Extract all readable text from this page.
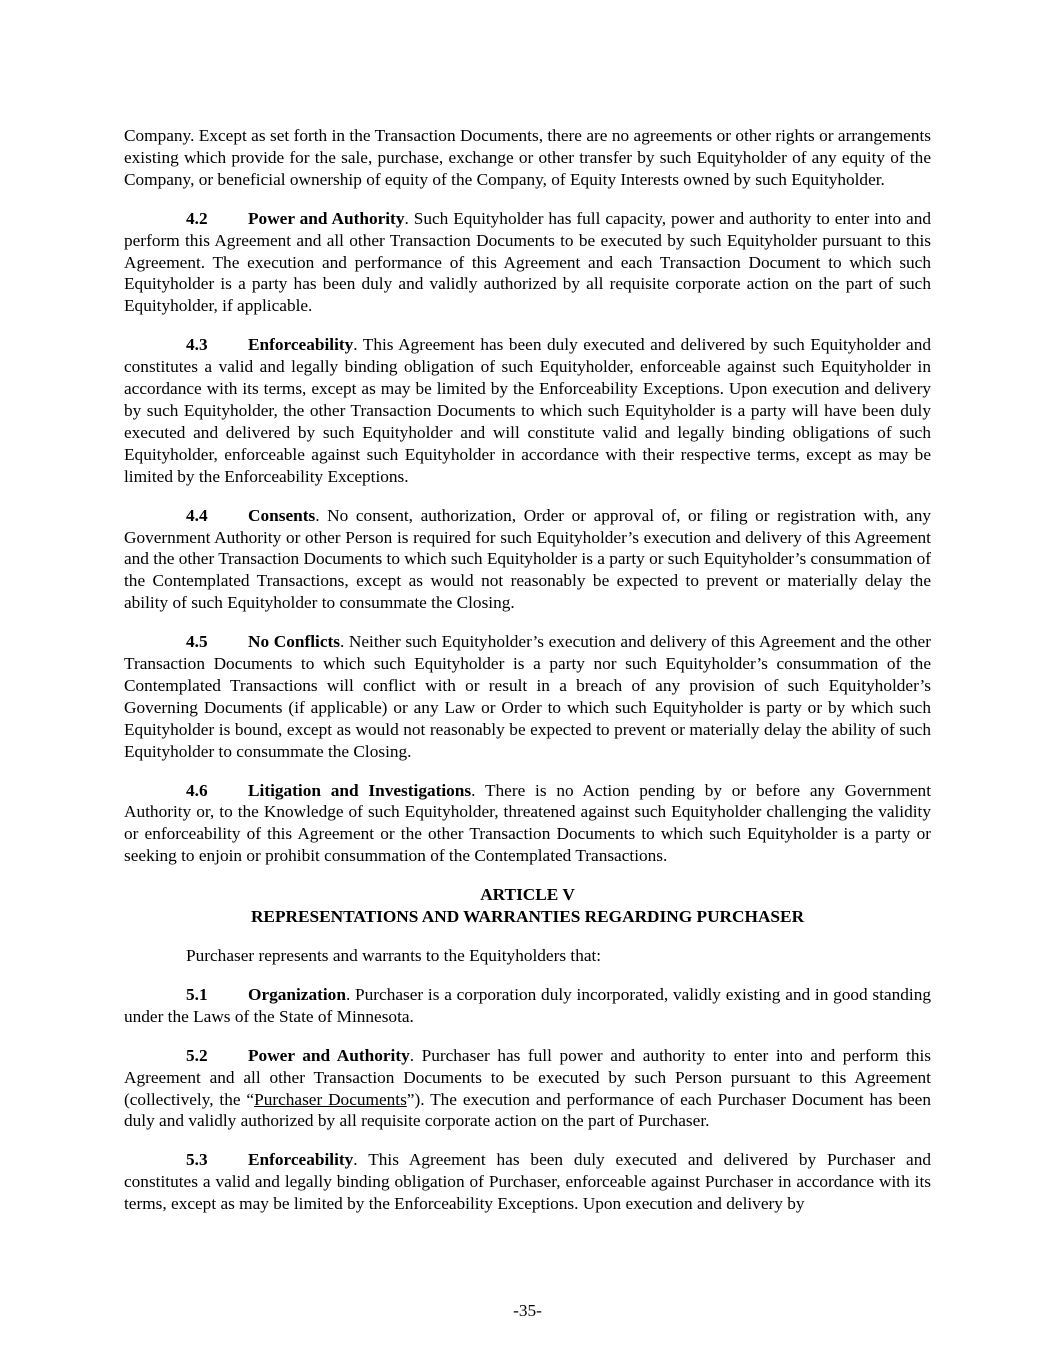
Company. Except as set forth in the Transaction Documents, there are no agreements or other rights or arrangements existing which provide for the sale, purchase, exchange or other transfer by such Equityholder of any equity of the Company, or beneficial ownership of equity of the Company, of Equity Interests owned by such Equityholder.

4.2 Power and Authority. Such Equityholder has full capacity, power and authority to enter into and perform this Agreement and all other Transaction Documents to be executed by such Equityholder pursuant to this Agreement. The execution and performance of this Agreement and each Transaction Document to which such Equityholder is a party has been duly and validly authorized by all requisite corporate action on the part of such Equityholder, if applicable.

4.3 Enforceability. This Agreement has been duly executed and delivered by such Equityholder and constitutes a valid and legally binding obligation of such Equityholder, enforceable against such Equityholder in accordance with its terms, except as may be limited by the Enforceability Exceptions. Upon execution and delivery by such Equityholder, the other Transaction Documents to which such Equityholder is a party will have been duly executed and delivered by such Equityholder and will constitute valid and legally binding obligations of such Equityholder, enforceable against such Equityholder in accordance with their respective terms, except as may be limited by the Enforceability Exceptions.

4.4 Consents. No consent, authorization, Order or approval of, or filing or registration with, any Government Authority or other Person is required for such Equityholder’s execution and delivery of this Agreement and the other Transaction Documents to which such Equityholder is a party or such Equityholder’s consummation of the Contemplated Transactions, except as would not reasonably be expected to prevent or materially delay the ability of such Equityholder to consummate the Closing.

4.5 No Conflicts. Neither such Equityholder’s execution and delivery of this Agreement and the other Transaction Documents to which such Equityholder is a party nor such Equityholder’s consummation of the Contemplated Transactions will conflict with or result in a breach of any provision of such Equityholder’s Governing Documents (if applicable) or any Law or Order to which such Equityholder is party or by which such Equityholder is bound, except as would not reasonably be expected to prevent or materially delay the ability of such Equityholder to consummate the Closing.

4.6 Litigation and Investigations. There is no Action pending by or before any Government Authority or, to the Knowledge of such Equityholder, threatened against such Equityholder challenging the validity or enforceability of this Agreement or the other Transaction Documents to which such Equityholder is a party or seeking to enjoin or prohibit consummation of the Contemplated Transactions.

ARTICLE V
REPRESENTATIONS AND WARRANTIES REGARDING PURCHASER

Purchaser represents and warrants to the Equityholders that:

5.1 Organization. Purchaser is a corporation duly incorporated, validly existing and in good standing under the Laws of the State of Minnesota.

5.2 Power and Authority. Purchaser has full power and authority to enter into and perform this Agreement and all other Transaction Documents to be executed by such Person pursuant to this Agreement (collectively, the “Purchaser Documents”). The execution and performance of each Purchaser Document has been duly and validly authorized by all requisite corporate action on the part of Purchaser.

5.3 Enforceability. This Agreement has been duly executed and delivered by Purchaser and constitutes a valid and legally binding obligation of Purchaser, enforceable against Purchaser in accordance with its terms, except as may be limited by the Enforceability Exceptions. Upon execution and delivery by

-35-
